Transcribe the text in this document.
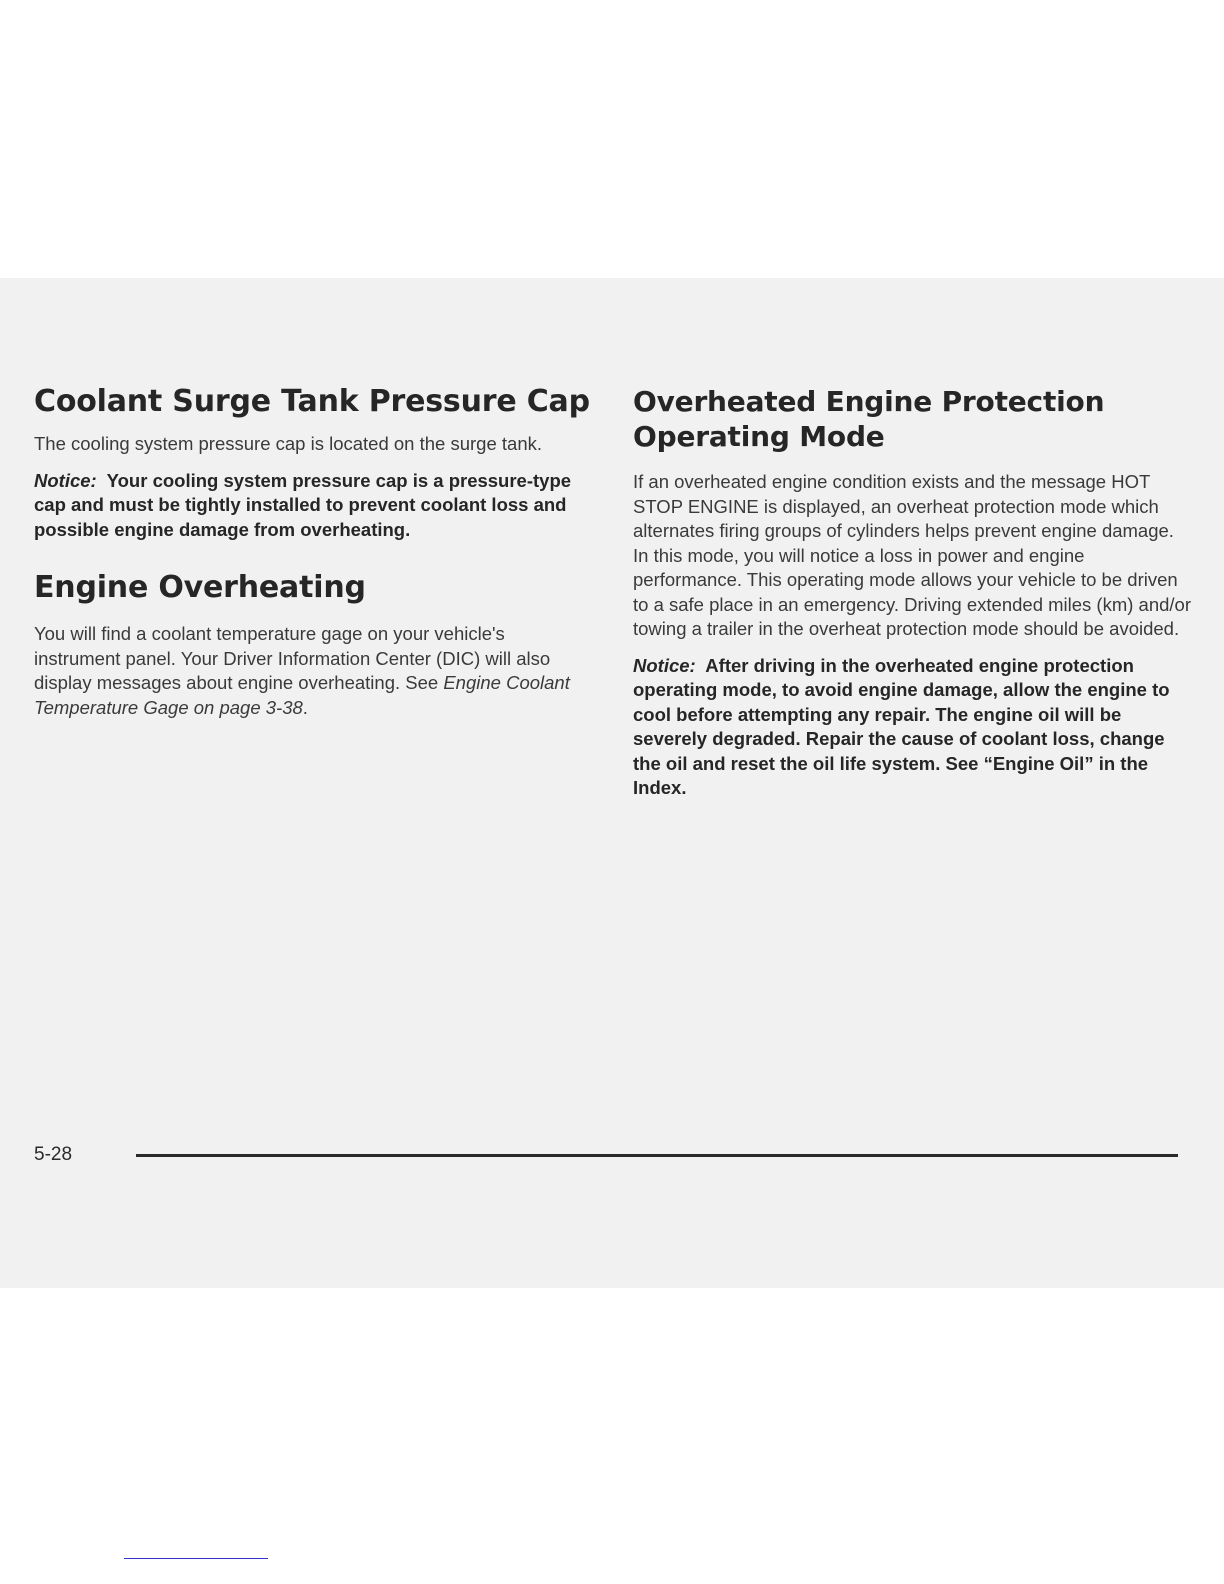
Coolant Surge Tank Pressure Cap

The cooling system pressure cap is located on the surge tank.

Notice: Your cooling system pressure cap is a pressure-type cap and must be tightly installed to prevent coolant loss and possible engine damage from overheating.

Engine Overheating

You will find a coolant temperature gage on your vehicle's instrument panel. Your Driver Information Center (DIC) will also display messages about engine overheating. See Engine Coolant Temperature Gage on page 3-38.

Overheated Engine Protection Operating Mode

If an overheated engine condition exists and the message HOT STOP ENGINE is displayed, an overheat protection mode which alternates firing groups of cylinders helps prevent engine damage. In this mode, you will notice a loss in power and engine performance. This operating mode allows your vehicle to be driven to a safe place in an emergency. Driving extended miles (km) and/or towing a trailer in the overheat protection mode should be avoided.

Notice: After driving in the overheated engine protection operating mode, to avoid engine damage, allow the engine to cool before attempting any repair. The engine oil will be severely degraded. Repair the cause of coolant loss, change the oil and reset the oil life system. See “Engine Oil” in the Index.

5-28
